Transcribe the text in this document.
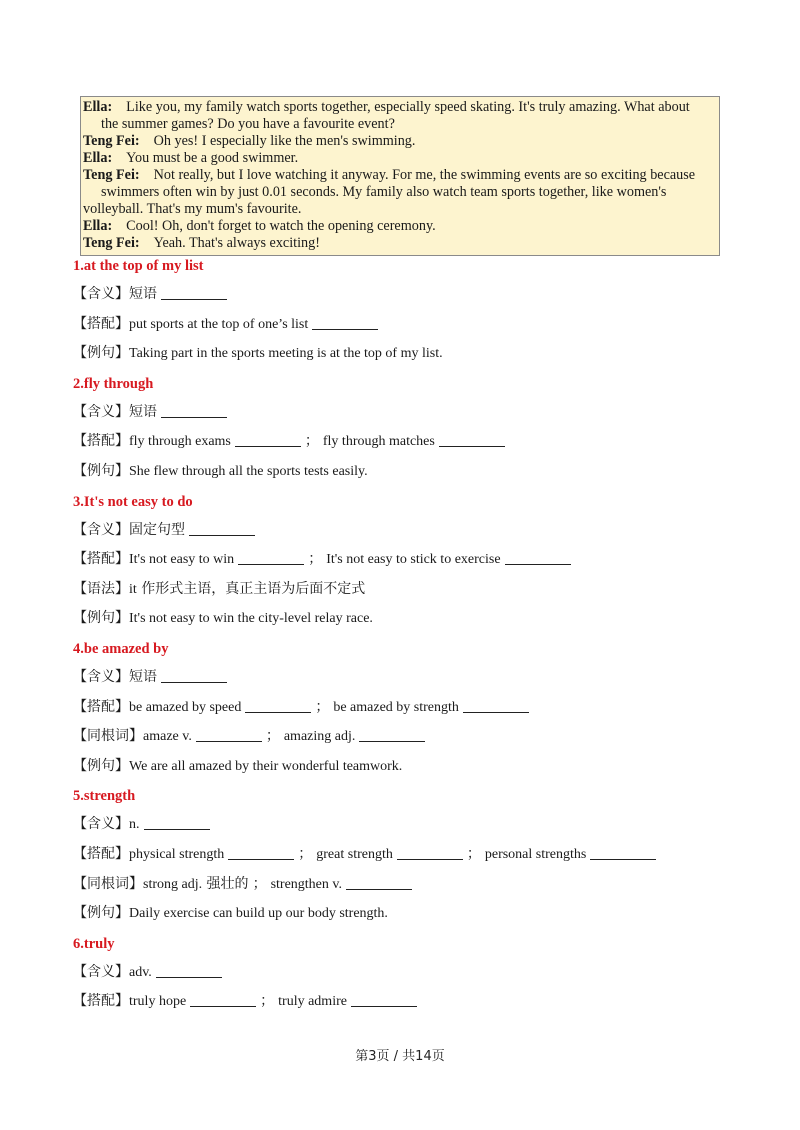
Ella: Like you, my family watch sports together, especially speed skating. It's truly amazing. What about

the summer games? Do you have a favourite event?

Teng Fei: Oh yes! I especially like the men's swimming.

Ella: You must be a good swimmer.

Teng Fei: Not really, but I love watching it anyway. For me, the swimming events are so exciting because

swimmers often win by just 0.01 seconds. My family also watch team sports together, like women's

volleyball. That's my mum's favourite.

Ella: Cool! Oh, don't forget to watch the opening ceremony.

Teng Fei: Yeah. That's always exciting!

1.at the top of my list

【含义】短语

【搭配】put sports at the top of one’s list

【例句】Taking part in the sports meeting is at the top of my list.

2.fly through

【含义】短语

【搭配】fly through exams	； fly through matches

【例句】She flew through all the sports tests easily.

3.It's not easy to do

【含义】固定句型

【搭配】It's not easy to win	； It's not easy to stick to exercise

【语法】it 作形式主语，真正主语为后面不定式

【例句】It's not easy to win the city-level relay race.

4.be amazed by

【含义】短语

【搭配】be amazed by speed	； be amazed by strength

【同根词】amaze v.	； amazing adj.

【例句】We are all amazed by their wonderful teamwork.

5.strength

【含义】n.

【搭配】physical strength	； great strength	； personal strengths

【同根词】strong adj. 强壮的 ； strengthen v.

【例句】Daily exercise can build up our body strength.

6.truly

【含义】adv.

【搭配】truly hope	； truly admire

第3页 / 共14页
